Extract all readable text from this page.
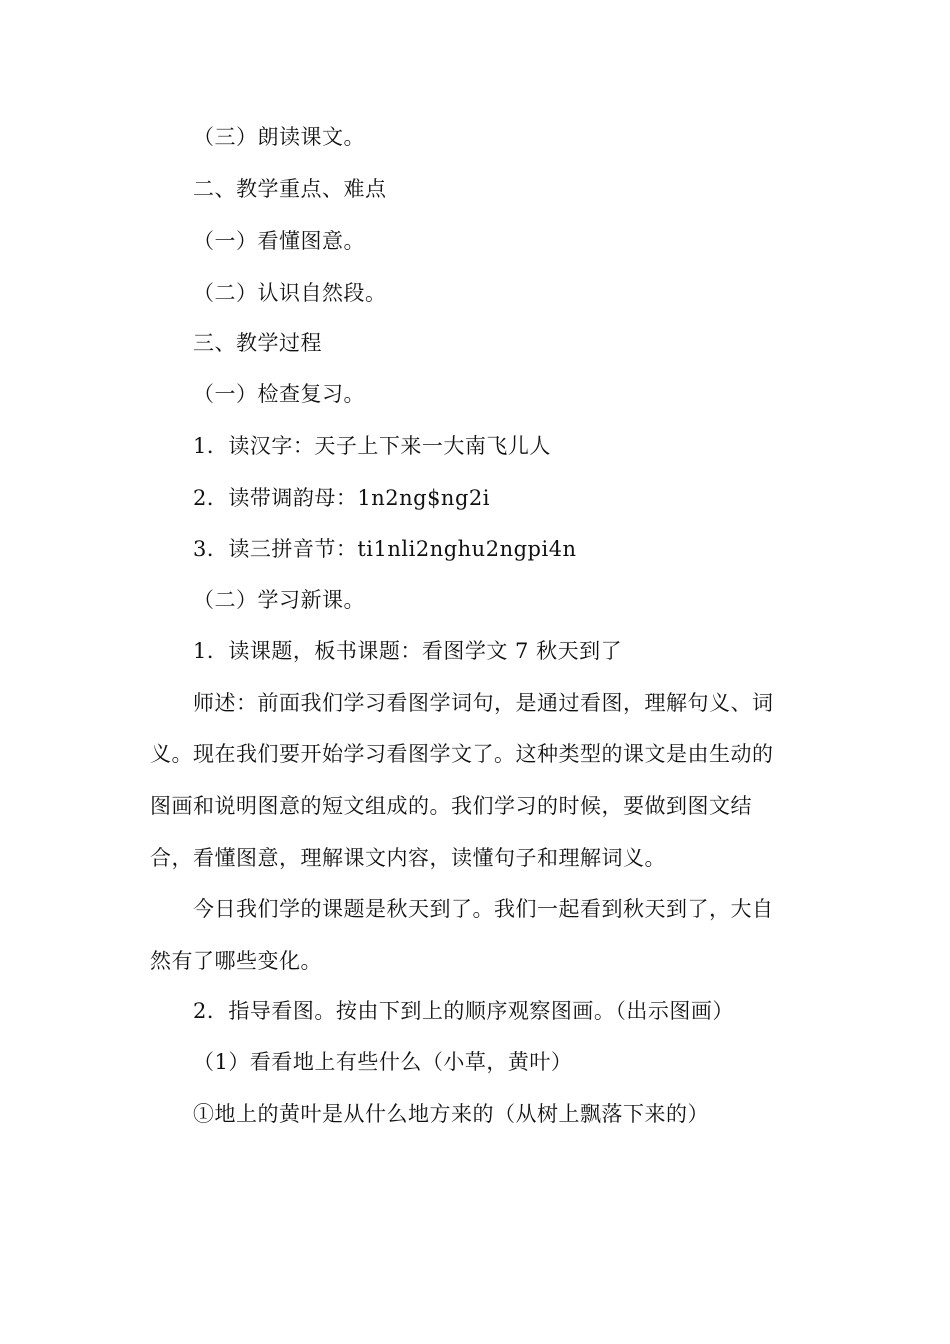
（三）朗读课文。
二、教学重点、难点
（一）看懂图意。
（二）认识自然段。
三、教学过程
（一）检查复习。
1．读汉字：天子上下来一大南飞儿人
2．读带调韵母：1n2ng$ng2i
3．读三拼音节：ti1nli2nghu2ngpi4n
（二）学习新课。
1．读课题，板书课题：看图学文 7 秋天到了
师述：前面我们学习看图学词句，是通过看图，理解句义、词
义。现在我们要开始学习看图学文了。这种类型的课文是由生动的
图画和说明图意的短文组成的。我们学习的时候，要做到图文结
合，看懂图意，理解课文内容，读懂句子和理解词义。
今日我们学的课题是秋天到了。我们一起看到秋天到了，大自
然有了哪些变化。
2．指导看图。按由下到上的顺序观察图画。（出示图画）
（1）看看地上有些什么（小草，黄叶）
①地上的黄叶是从什么地方来的（从树上飘落下来的）
